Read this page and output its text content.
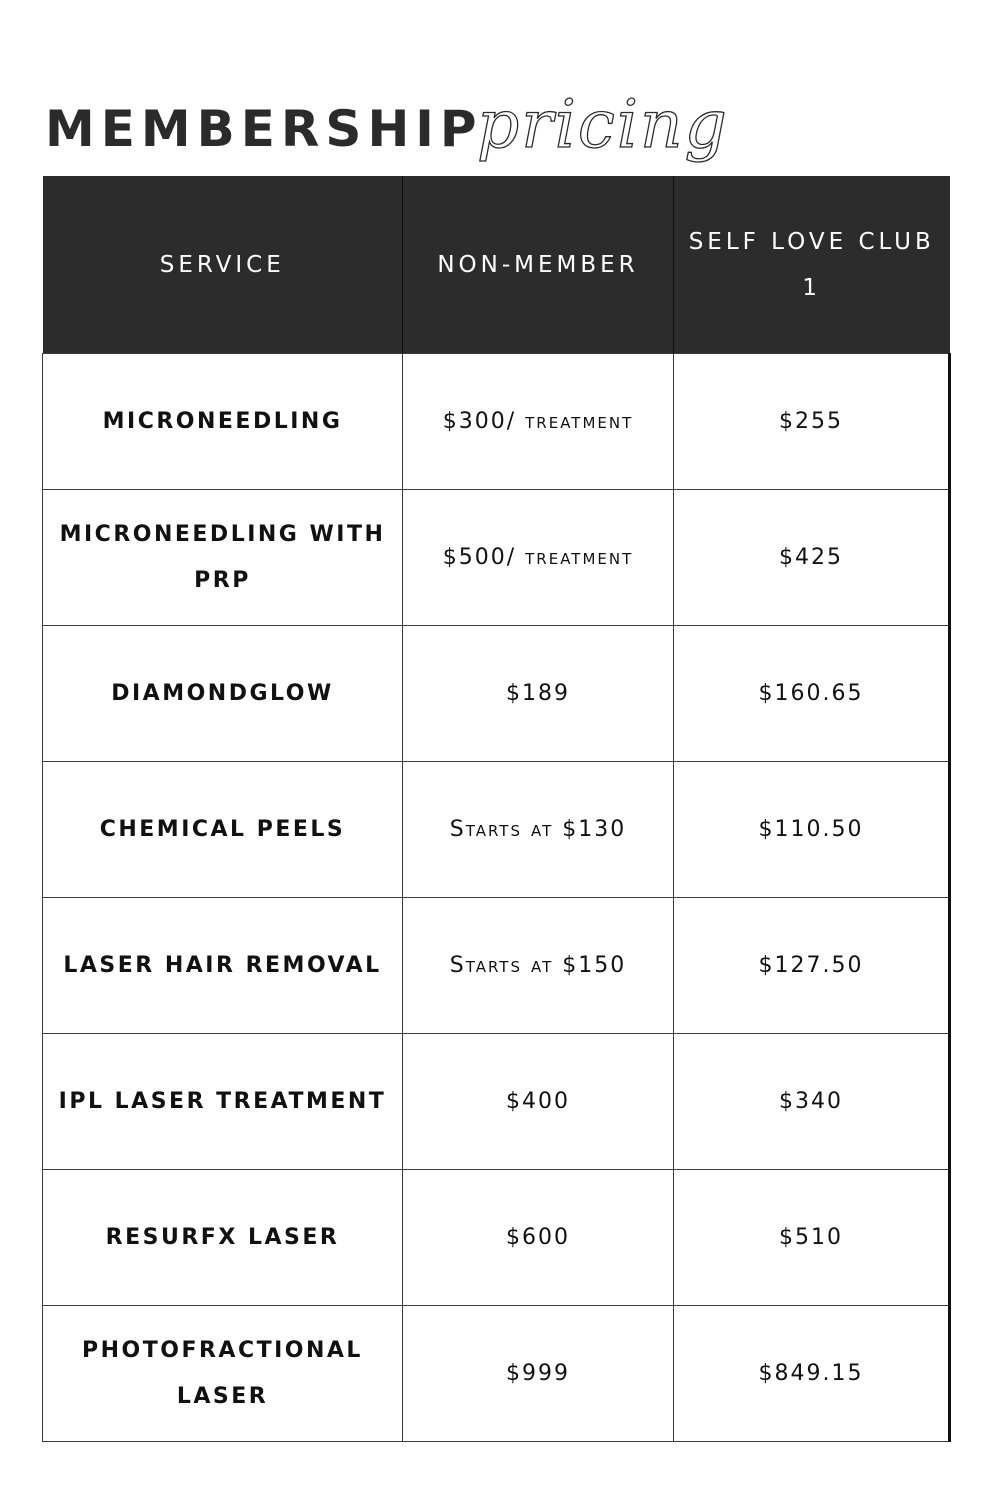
MEMBERSHIP
pricing
SERVICE	NON-MEMBER	SELF LOVE CLUB 1
MICRONEEDLING	$300/ treatment	$255
MICRONEEDLING WITH PRP	$500/ treatment	$425
DIAMONDGLOW	$189	$160.65
CHEMICAL PEELS	Starts at $130	$110.50
LASER HAIR REMOVAL	Starts at $150	$127.50
IPL LASER TREATMENT	$400	$340
RESURFX LASER	$600	$510
PHOTOFRACTIONAL LASER	$999	$849.15
